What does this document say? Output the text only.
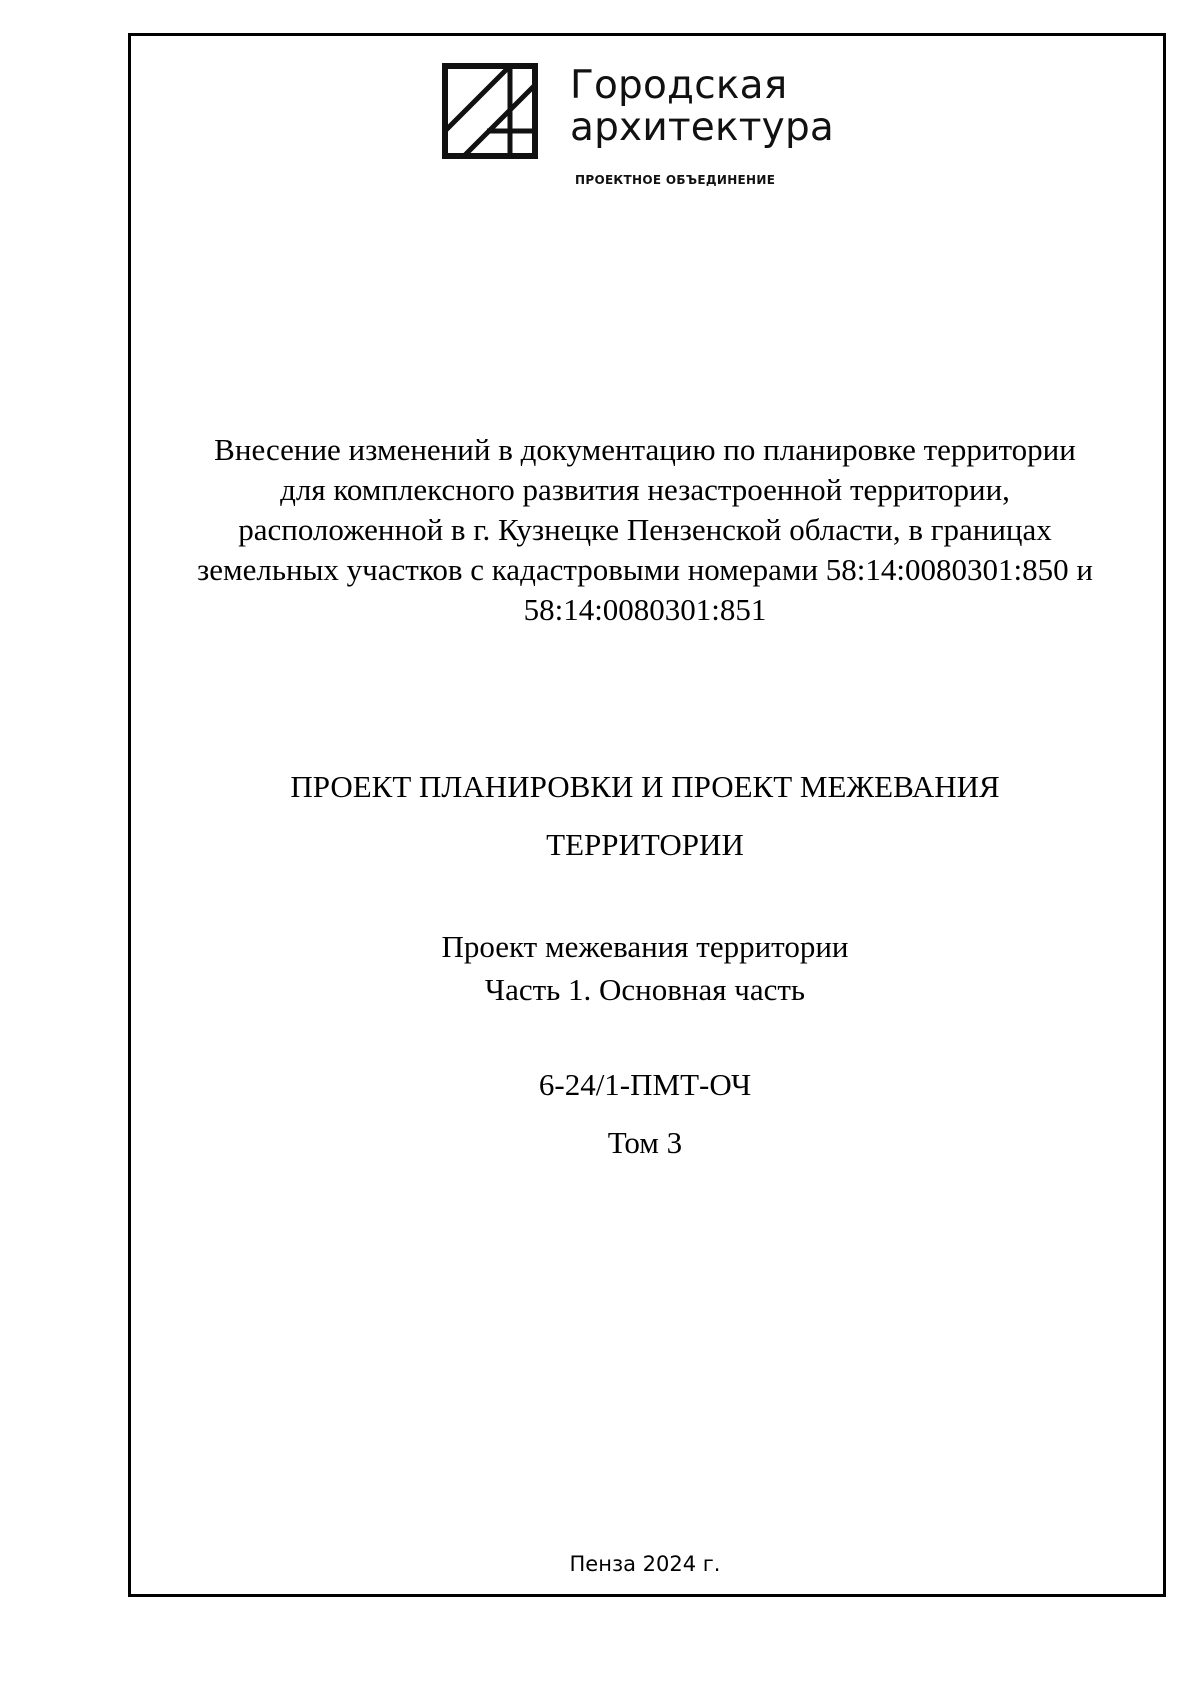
Городская
архитектура
ПРОЕКТНОЕ ОБЪЕДИНЕНИЕ
Внесение изменений в документацию по планировке территории
для комплексного развития незастроенной территории,
расположенной в г. Кузнецке Пензенской области, в границах
земельных участков с кадастровыми номерами 58:14:0080301:850 и
58:14:0080301:851
ПРОЕКТ ПЛАНИРОВКИ И ПРОЕКТ МЕЖЕВАНИЯ
ТЕРРИТОРИИ
Проект межевания территории
Часть 1. Основная часть
6-24/1-ПМТ-ОЧ
Том 3
Пенза 2024 г.
